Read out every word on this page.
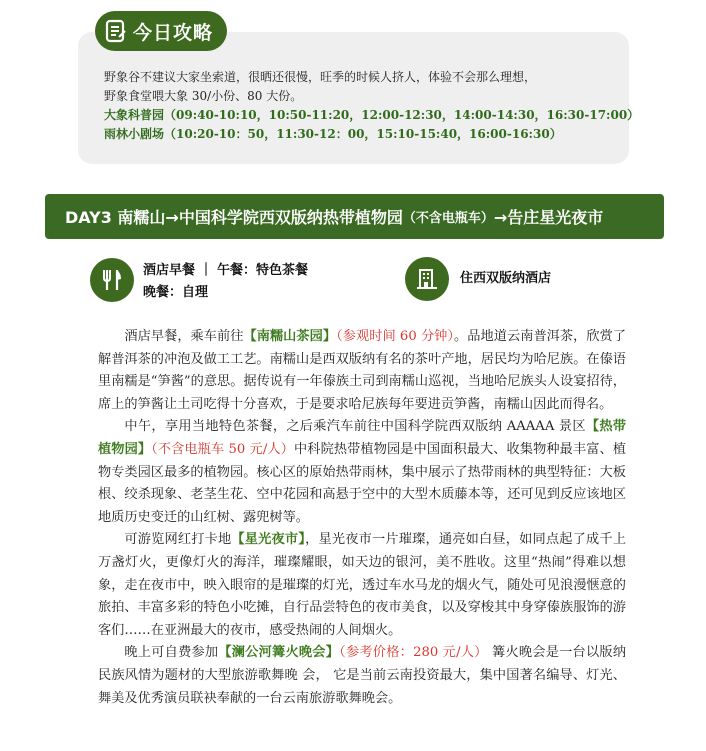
今日攻略
野象谷不建议大家坐索道，很晒还很慢，旺季的时候人挤人，体验不会那么理想，
野象食堂喂大象 30/小份、80 大份。
大象科普园（09:40-10:10，10:50-11:20，12:00-12:30，14:00-14:30，16:30-17:00）
雨林小剧场（10:20-10：50，11:30-12：00，15:10-15:40，16:00-16:30）
DAY3 南糯山→中国科学院西双版纳热带植物园 （不含电瓶车） →告庄星光夜市
酒店早餐 ｜ 午餐：特色茶餐
晚餐：自理
住西双版纳酒店

酒店早餐，乘车前往【南糯山茶园】（参观时间 60 分钟）。品地道云南普洱茶，欣赏了解普洱茶的冲泡及做工工艺。南糯山是西双版纳有名的茶叶产地，居民均为哈尼族。在傣语里南糯是“笋酱”的意思。据传说有一年傣族土司到南糯山巡视，当地哈尼族头人设宴招待，席上的笋酱让土司吃得十分喜欢，于是要求哈尼族每年要进贡笋酱，南糯山因此而得名。

中午，享用当地特色茶餐，之后乘汽车前往中国科学院西双版纳 AAAAA 景区【热带植物园】（不含电瓶车 50 元/人）中科院热带植物园是中国面积最大、收集物种最丰富、植物专类园区最多的植物园。核心区的原始热带雨林，集中展示了热带雨林的典型特征：大板根、绞杀现象、老茎生花、空中花园和高悬于空中的大型木质藤本等，还可见到反应该地区地质历史变迁的山红树、露兜树等。

可游览网红打卡地【星光夜市】，星光夜市一片璀璨，通亮如白昼，如同点起了成千上万盏灯火，更像灯火的海洋，璀璨耀眼，如天边的银河，美不胜收。这里“热闹”得难以想象，走在夜市中，映入眼帘的是璀璨的灯光，透过车水马龙的烟火气，随处可见浪漫惬意的旅拍、丰富多彩的特色小吃摊，自行品尝特色的夜市美食，以及穿梭其中身穿傣族服饰的游客们……在亚洲最大的夜市，感受热闹的人间烟火。

晚上可自费参加【澜公河篝火晚会】（参考价格：280 元/人） 篝火晚会是一台以版纳民族风情为题材的大型旅游歌舞晚 会， 它是当前云南投资最大，集中国著名编导、灯光、舞美及优秀演员联袂奉献的一台云南旅游歌舞晚会。
